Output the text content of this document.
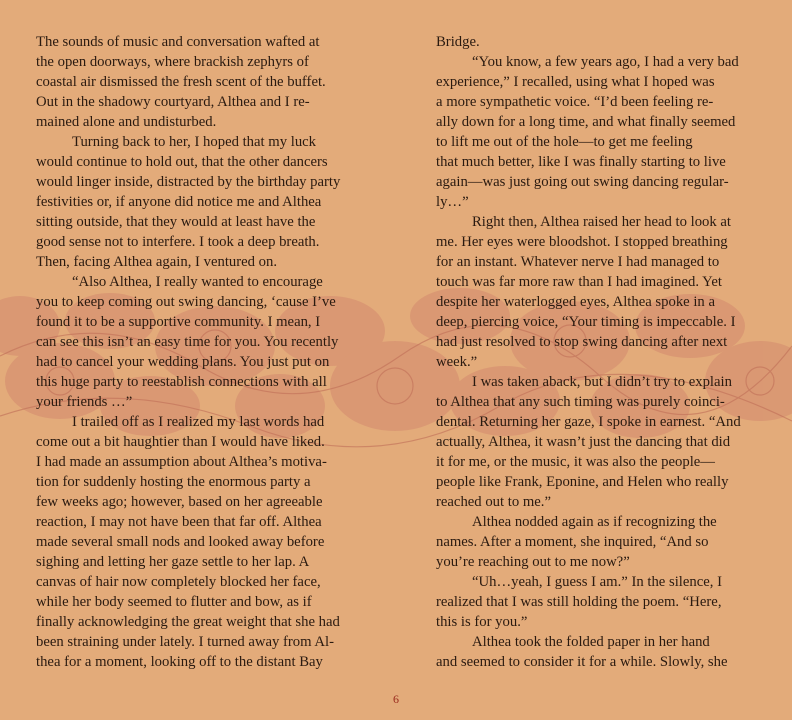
The sounds of music and conversation wafted at

the open doorways, where brackish zephyrs of

coastal air dismissed the fresh scent of the buffet.

Out in the shadowy courtyard, Althea and I re-

mained alone and undisturbed.

Turning back to her, I hoped that my luck

would continue to hold out, that the other dancers

would linger inside, distracted by the birthday party

festivities or, if anyone did notice me and Althea

sitting outside, that they would at least have the

good sense not to interfere. I took a deep breath.

Then, facing Althea again, I ventured on.

“Also Althea, I really wanted to encourage

you to keep coming out swing dancing, ‘cause I’ve

found it to be a supportive community. I mean, I

can see this isn’t an easy time for you. You recently

had to cancel your wedding plans. You just put on

this huge party to reestablish connections with all

your friends …”

I trailed off as I realized my last words had

come out a bit haughtier than I would have liked.

I had made an assumption about Althea’s motiva-

tion for suddenly hosting the enormous party a

few weeks ago; however, based on her agreeable

reaction, I may not have been that far off. Althea

made several small nods and looked away before

sighing and letting her gaze settle to her lap. A

canvas of hair now completely blocked her face,

while her body seemed to flutter and bow, as if

finally acknowledging the great weight that she had

been straining under lately. I turned away from Al-

thea for a moment, looking off to the distant Bay

Bridge.

“You know, a few years ago, I had a very bad

experience,” I recalled, using what I hoped was

a more sympathetic voice. “I’d been feeling re-

ally down for a long time, and what finally seemed

to lift me out of the hole—to get me feeling

that much better, like I was finally starting to live

again—was just going out swing dancing regular-

ly…”

Right then, Althea raised her head to look at

me. Her eyes were bloodshot. I stopped breathing

for an instant. Whatever nerve I had managed to

touch was far more raw than I had imagined. Yet

despite her waterlogged eyes, Althea spoke in a

deep, piercing voice, “Your timing is impeccable. I

had just resolved to stop swing dancing after next

week.”

I was taken aback, but I didn’t try to explain

to Althea that any such timing was purely coinci-

dental. Returning her gaze, I spoke in earnest. “And

actually, Althea, it wasn’t just the dancing that did

it for me, or the music, it was also the people—

people like Frank, Eponine, and Helen who really

reached out to me.”

Althea nodded again as if recognizing the

names. After a moment, she inquired, “And so

you’re reaching out to me now?”

“Uh…yeah, I guess I am.” In the silence, I

realized that I was still holding the poem. “Here,

this is for you.”

Althea took the folded paper in her hand

and seemed to consider it for a while. Slowly, she

6
